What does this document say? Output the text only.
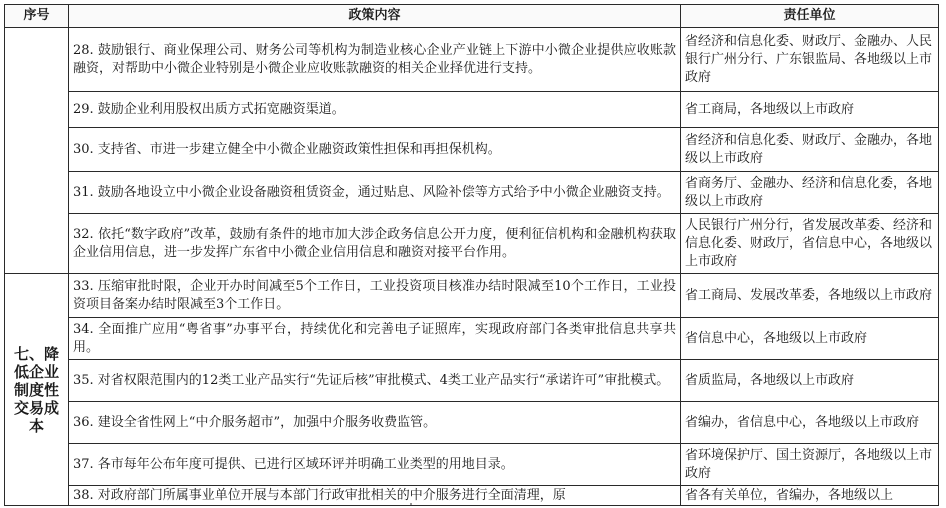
序号	政策内容	责任单位
	28. 鼓励银行、商业保理公司、财务公司等机构为制造业核心企业产业链上下游中小微企业提供应收账款融资，对帮助中小微企业特别是小微企业应收账款融资的相关企业择优进行支持。	省经济和信息化委、财政厅、金融办、人民银行广州分行、广东银监局、各地级以上市政府
	29. 鼓励企业利用股权出质方式拓宽融资渠道。	省工商局，各地级以上市政府
	30. 支持省、市进一步建立健全中小微企业融资政策性担保和再担保机构。	省经济和信息化委、财政厅、金融办，各地级以上市政府
	31. 鼓励各地设立中小微企业设备融资租赁资金，通过贴息、风险补偿等方式给予中小微企业融资支持。	省商务厅、金融办、经济和信息化委，各地级以上市政府
	32. 依托“数字政府”改革，鼓励有条件的地市加大涉企政务信息公开力度，便利征信机构和金融机构获取企业信用信息，进一步发挥广东省中小微企业信用信息和融资对接平台作用。	人民银行广州分行，省发展改革委、经济和信息化委、财政厅，省信息中心，各地级以上市政府
七、降低企业制度性交易成本	33. 压缩审批时限，企业开办时间减至5个工作日，工业投资项目核准办结时限减至10个工作日，工业投资项目备案办结时限减至3个工作日。	省工商局、发展改革委，各地级以上市政府
	34. 全面推广应用“粤省事”办事平台，持续优化和完善电子证照库，实现政府部门各类审批信息共享共用。	省信息中心，各地级以上市政府
	35. 对省权限范围内的12类工业产品实行“先证后核”审批模式、4类工业产品实行“承诺许可”审批模式。	省质监局，各地级以上市政府
	36. 建设全省性网上“中介服务超市”，加强中介服务收费监管。	省编办，省信息中心，各地级以上市政府
	37. 各市每年公布年度可提供、已进行区域环评并明确工业类型的用地目录。	省环境保护厅、国土资源厅，各地级以上市政府
	38. 对政府部门所属事业单位开展与本部门行政审批相关的中介服务进行全面清理，原	省各有关单位，省编办，各地级以上
